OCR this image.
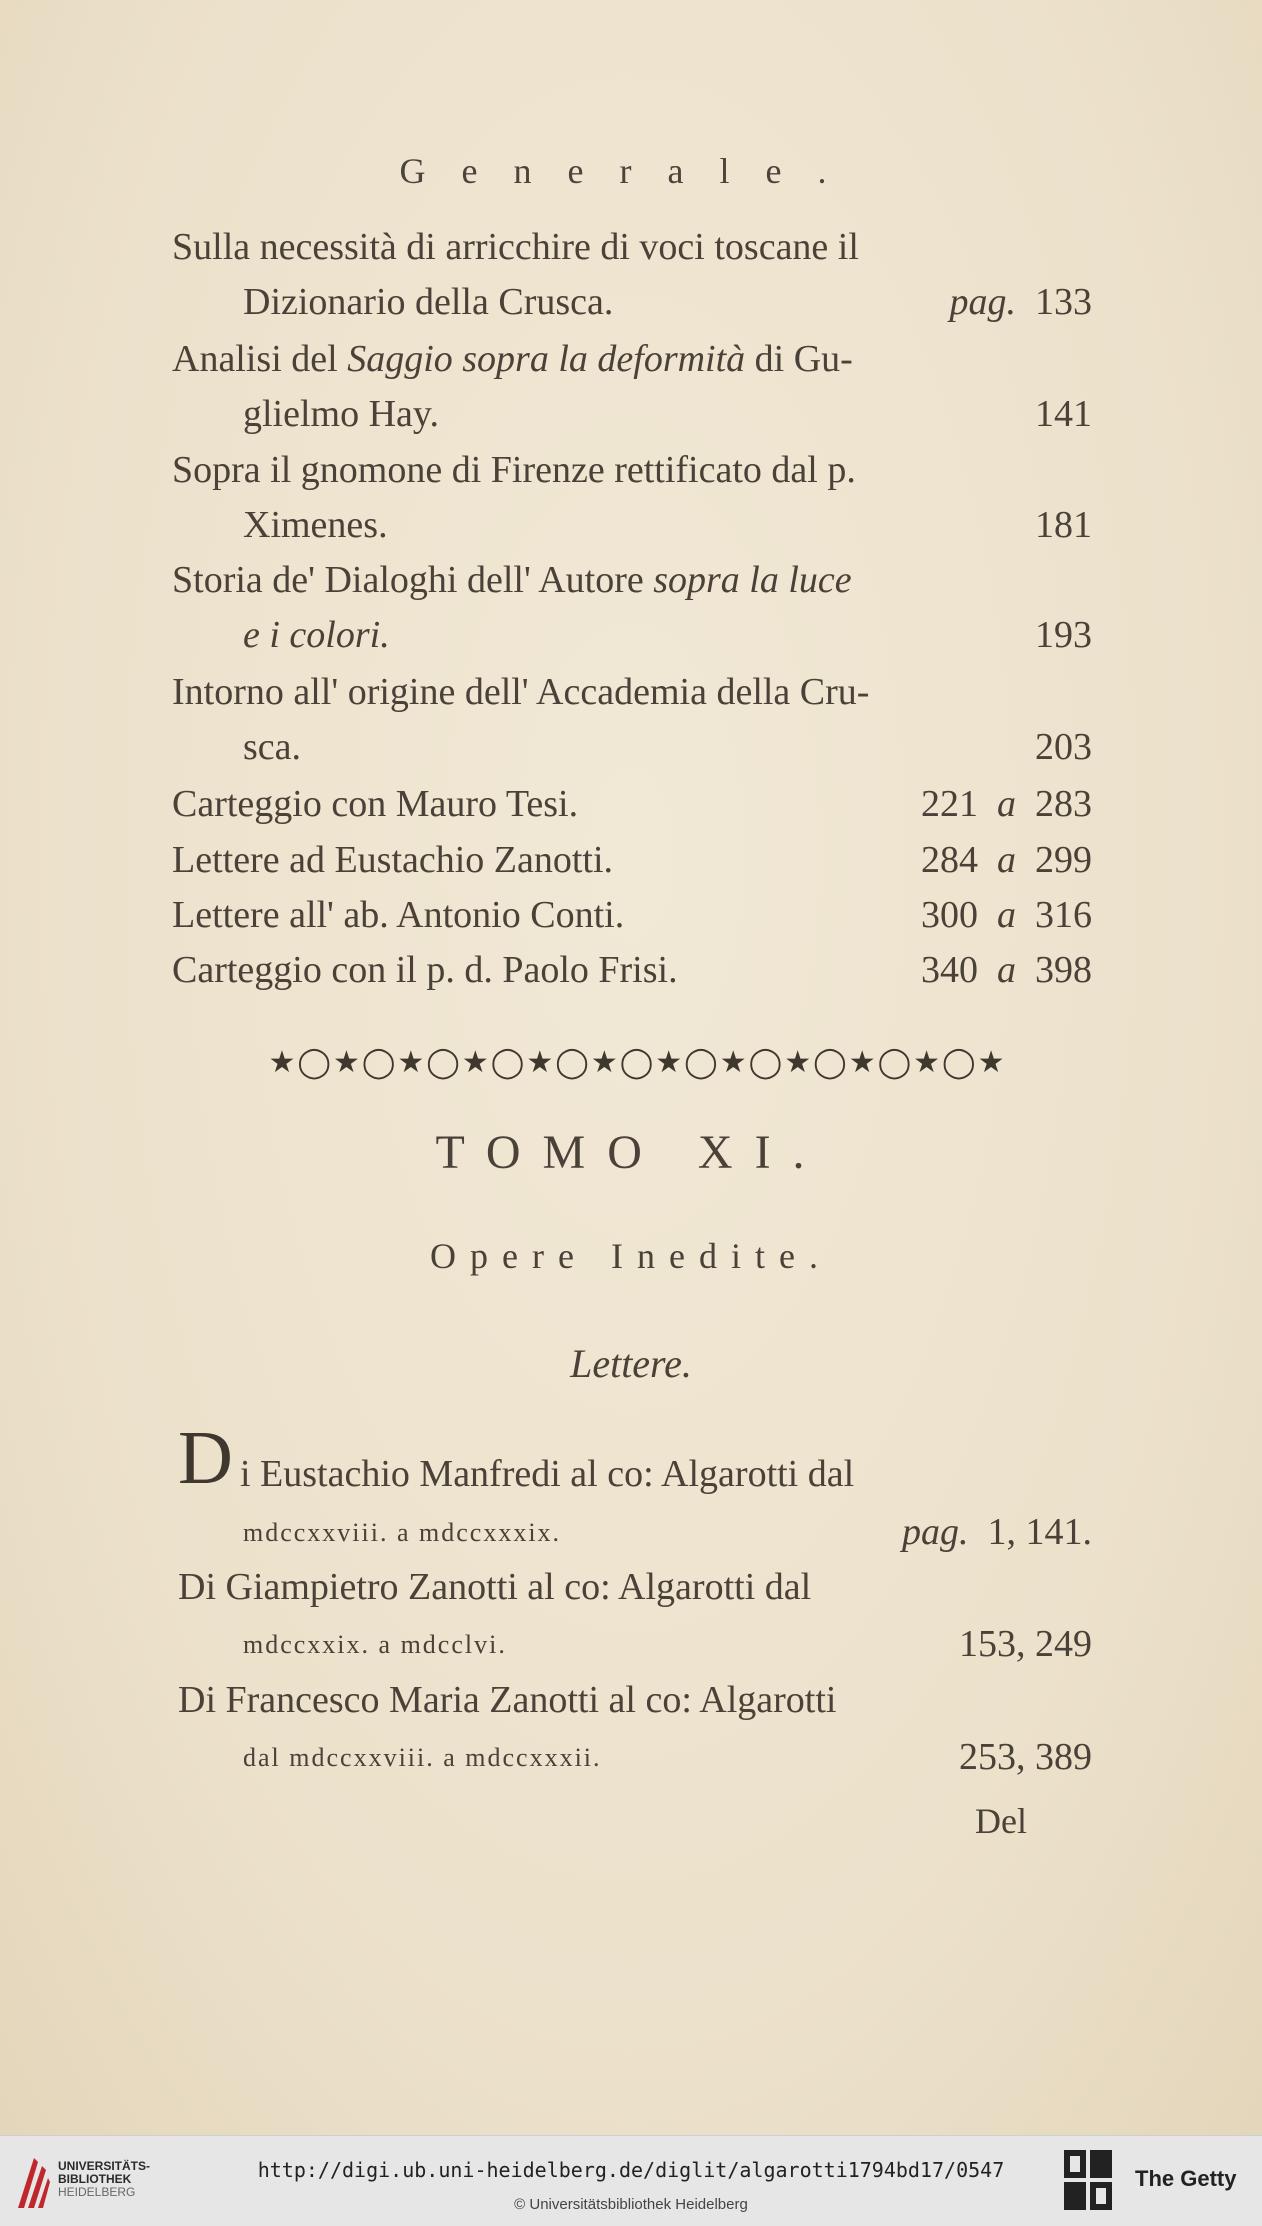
Generale.
Sulla necessità di arricchire di voci toscane il
Dizionario della Crusca.	pag. 133
Analisi del Saggio sopra la deformità di Gu-
glielmo Hay.	141
Sopra il gnomone di Firenze rettificato dal p.
Ximenes.	181
Storia de' Dialoghi dell' Autore sopra la luce
e i colori.	193
Intorno all' origine dell' Accademia della Cru-
sca.	203
Carteggio con Mauro Tesi.	221 a 283
Lettere ad Eustachio Zanotti.	284 a 299
Lettere all' ab. Antonio Conti.	300 a 316
Carteggio con il p. d. Paolo Frisi.	340 a 398
★◯★◯★◯★◯★◯★◯★◯★◯★◯★◯★◯★
TOMO XI.
Opere Inedite.
Lettere.
D i Eustachio Manfredi al co: Algarotti dal
mdccxxviii. a mdccxxxix.	pag. 1, 141.
Di Giampietro Zanotti al co: Algarotti dal
mdccxxix. a mdcclvi.	153, 249
Di Francesco Maria Zanotti al co: Algarotti
dal mdccxxviii. a mdccxxxii.	253, 389
Del
UNIVERSITÄTS-
BIBLIOTHEK
HEIDELBERG
http://digi.ub.uni-heidelberg.de/diglit/algarotti1794bd17/0547
© Universitätsbibliothek Heidelberg
The Getty
